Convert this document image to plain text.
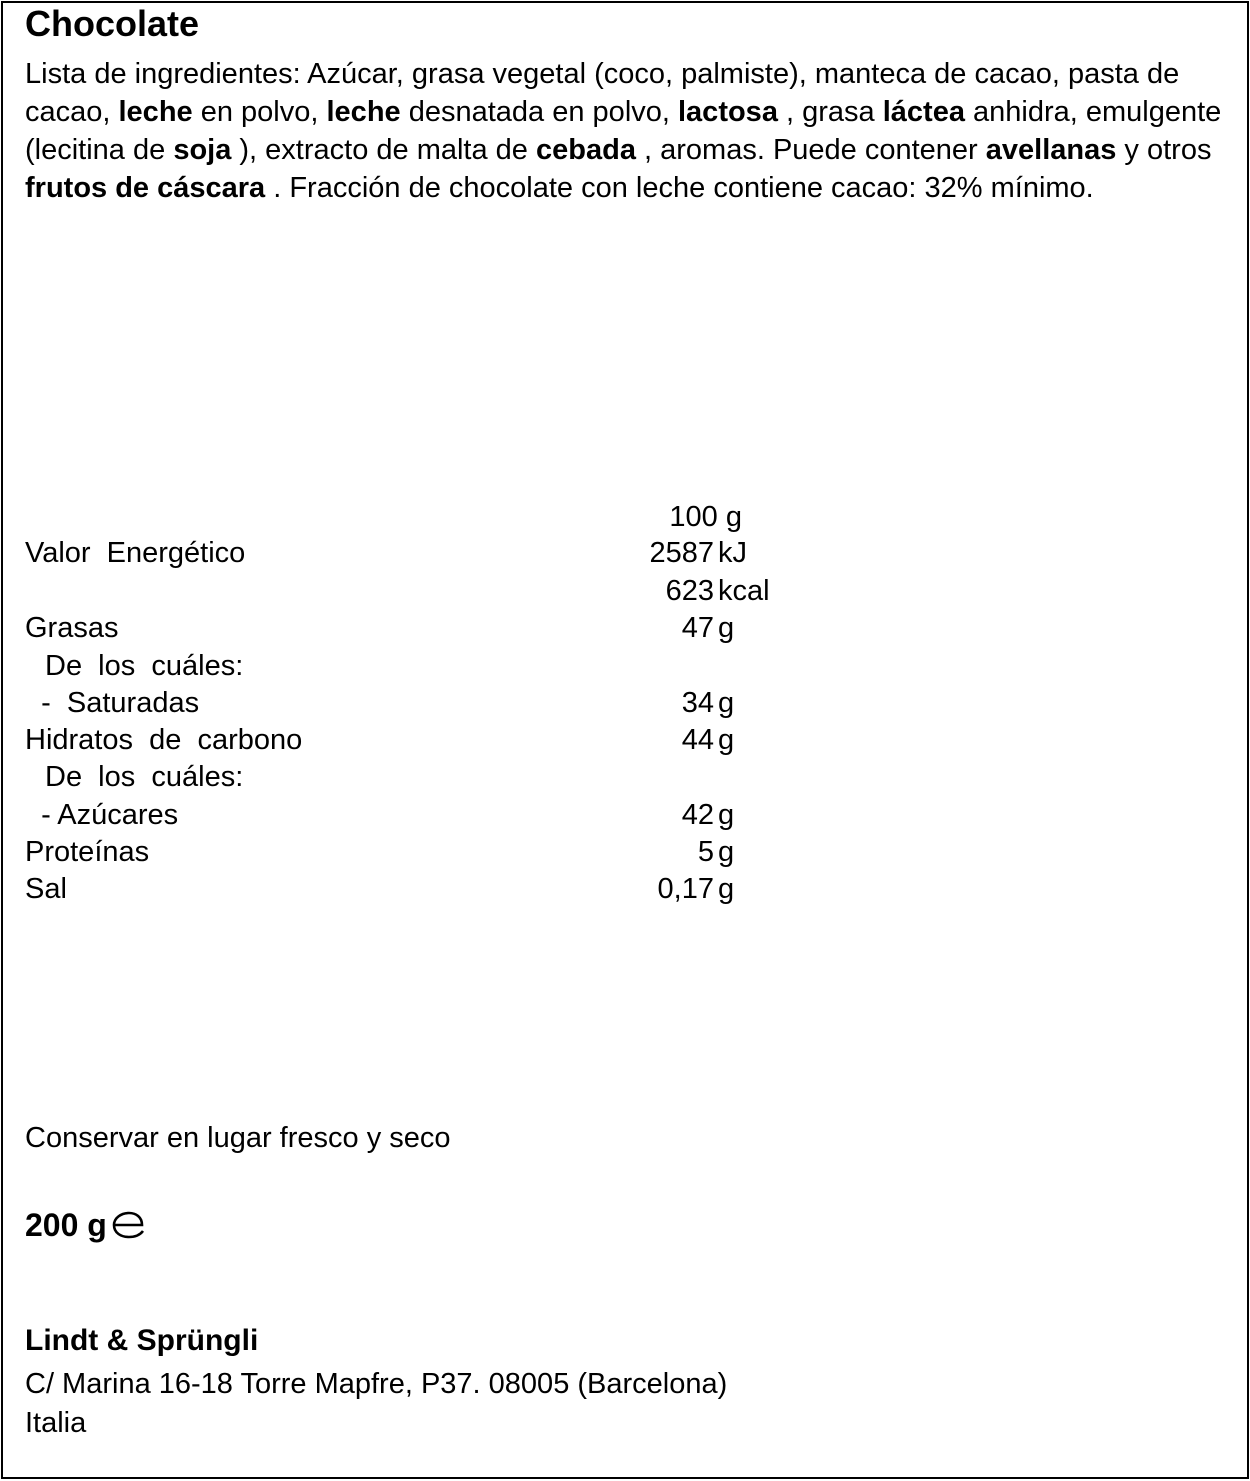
Chocolate
Lista de ingredientes: Azúcar, grasa vegetal (coco, palmiste), manteca de cacao, pasta de cacao, leche en polvo, leche desnatada en polvo, lactosa , grasa láctea anhidra, emulgente (lecitina de soja ), extracto de malta de cebada , aromas. Puede contener avellanas y otros frutos de cáscara . Fracción de chocolate con leche contiene cacao: 32% mínimo.
100 g
Valor  Energético	2587 kJ
623 kcal
Grasas	47 g
De  los  cuáles:
-  Saturadas	34 g
Hidratos  de  carbono	44 g
De  los  cuáles:
- Azúcares	42 g
Proteínas	5 g
Sal	0,17 g
Conservar en lugar fresco y seco
200 g
Lindt & Sprüngli
C/ Marina 16-18 Torre Mapfre, P37. 08005 (Barcelona)
Italia
